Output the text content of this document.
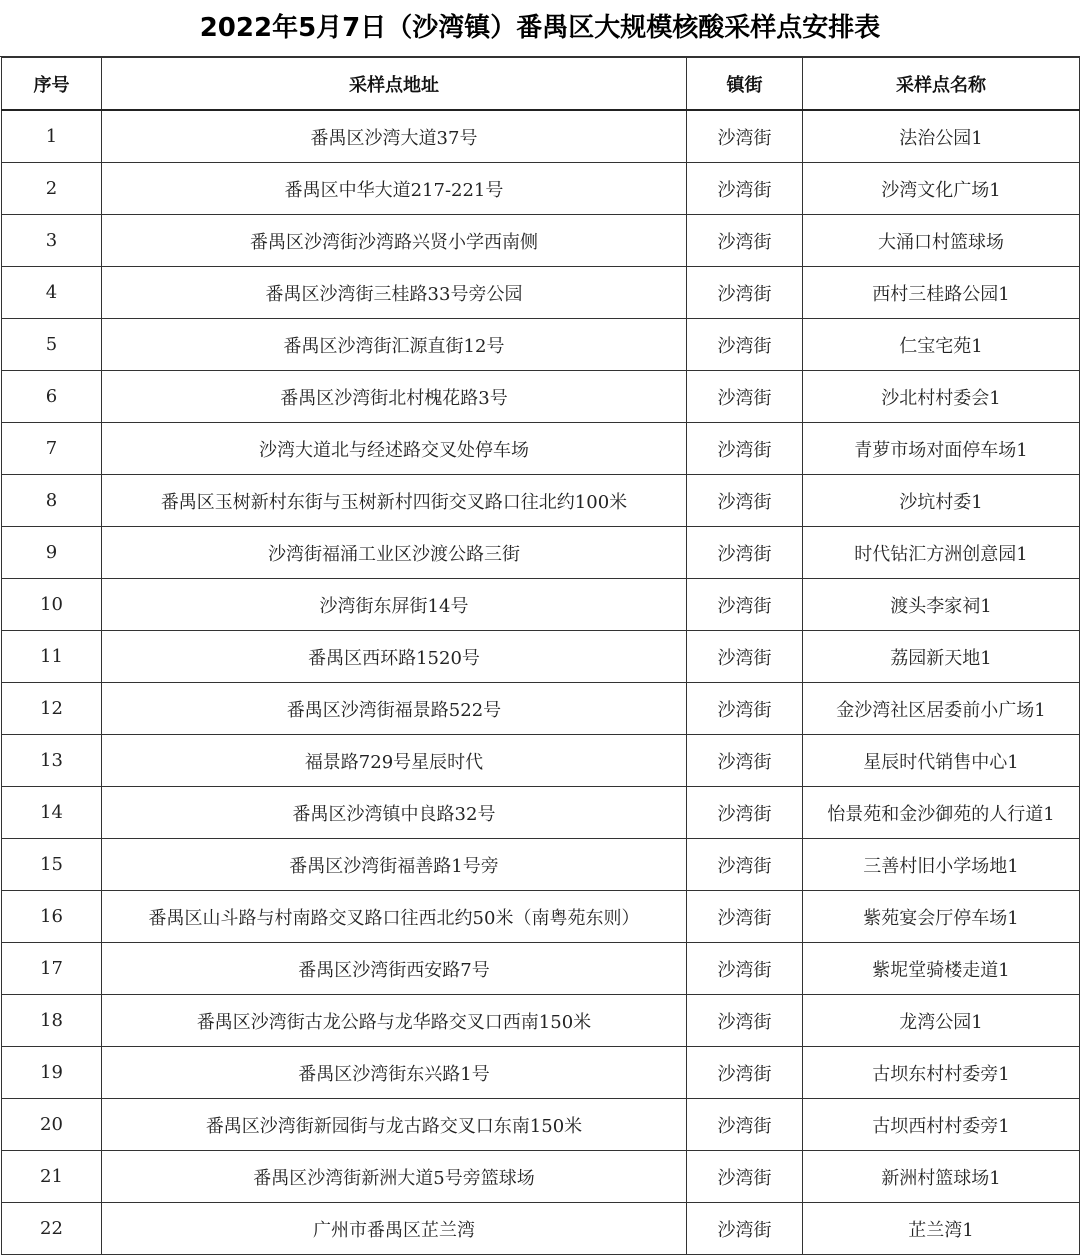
2022年5月7日（沙湾镇）番禺区大规模核酸采样点安排表
序号	采样点地址	镇街	采样点名称
1	番禺区沙湾大道37号	沙湾街	法治公园1
2	番禺区中华大道217-221号	沙湾街	沙湾文化广场1
3	番禺区沙湾街沙湾路兴贤小学西南侧	沙湾街	大涌口村篮球场
4	番禺区沙湾街三桂路33号旁公园	沙湾街	西村三桂路公园1
5	番禺区沙湾街汇源直街12号	沙湾街	仁宝宅苑1
6	番禺区沙湾街北村槐花路3号	沙湾街	沙北村村委会1
7	沙湾大道北与经述路交叉处停车场	沙湾街	青萝市场对面停车场1
8	番禺区玉树新村东街与玉树新村四街交叉路口往北约100米	沙湾街	沙坑村委1
9	沙湾街福涌工业区沙渡公路三街	沙湾街	时代钻汇方洲创意园1
10	沙湾街东屏街14号	沙湾街	渡头李家祠1
11	番禺区西环路1520号	沙湾街	荔园新天地1
12	番禺区沙湾街福景路522号	沙湾街	金沙湾社区居委前小广场1
13	福景路729号星辰时代	沙湾街	星辰时代销售中心1
14	番禺区沙湾镇中良路32号	沙湾街	怡景苑和金沙御苑的人行道1
15	番禺区沙湾街福善路1号旁	沙湾街	三善村旧小学场地1
16	番禺区山斗路与村南路交叉路口往西北约50米（南粤苑东则）	沙湾街	紫苑宴会厅停车场1
17	番禺区沙湾街西安路7号	沙湾街	紫坭堂骑楼走道1
18	番禺区沙湾街古龙公路与龙华路交叉口西南150米	沙湾街	龙湾公园1
19	番禺区沙湾街东兴路1号	沙湾街	古坝东村村委旁1
20	番禺区沙湾街新园街与龙古路交叉口东南150米	沙湾街	古坝西村村委旁1
21	番禺区沙湾街新洲大道5号旁篮球场	沙湾街	新洲村篮球场1
22	广州市番禺区芷兰湾	沙湾街	芷兰湾1
